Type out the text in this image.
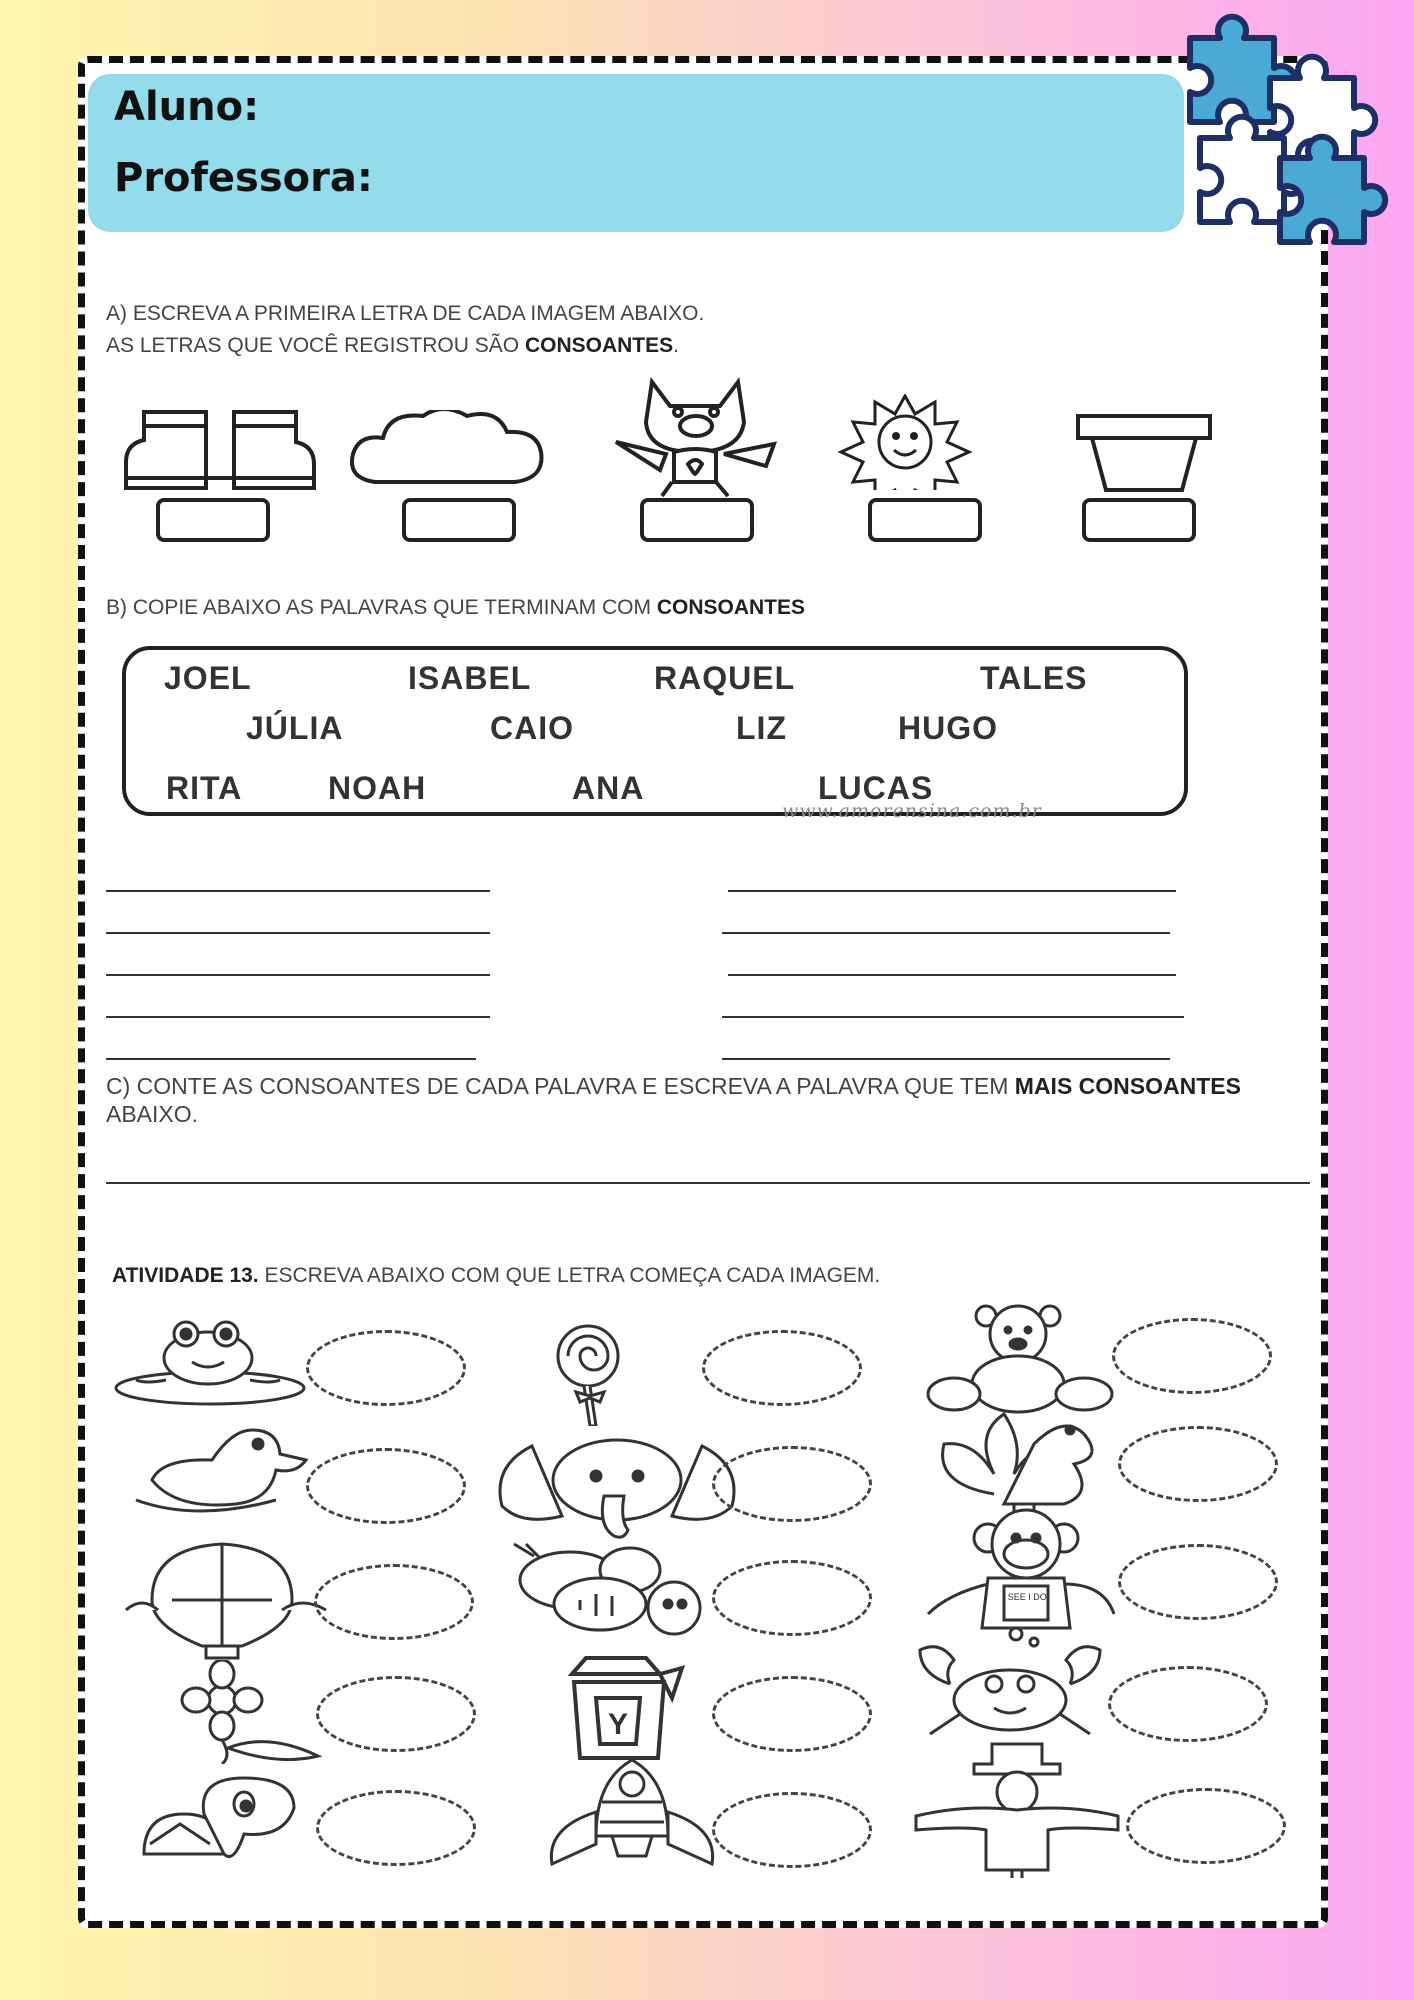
Aluno:
Professora:
A) ESCREVA A PRIMEIRA LETRA DE CADA IMAGEM ABAIXO.
AS LETRAS QUE VOCÊ REGISTROU SÃO CONSOANTES.
B) COPIE ABAIXO AS PALAVRAS QUE TERMINAM COM CONSOANTES
JOEL	ISABEL	RAQUEL	TALES
JÚLIA	CAIO	LIZ	HUGO
RITA	NOAH	ANA	LUCAS
www.amorensina.com.br
C) CONTE AS CONSOANTES DE CADA PALAVRA E ESCREVA A PALAVRA QUE TEM MAIS CONSOANTES
ABAIXO.
ATIVIDADE 13. ESCREVA ABAIXO COM QUE LETRA COMEÇA CADA IMAGEM.
Y
I SEE I DO!
